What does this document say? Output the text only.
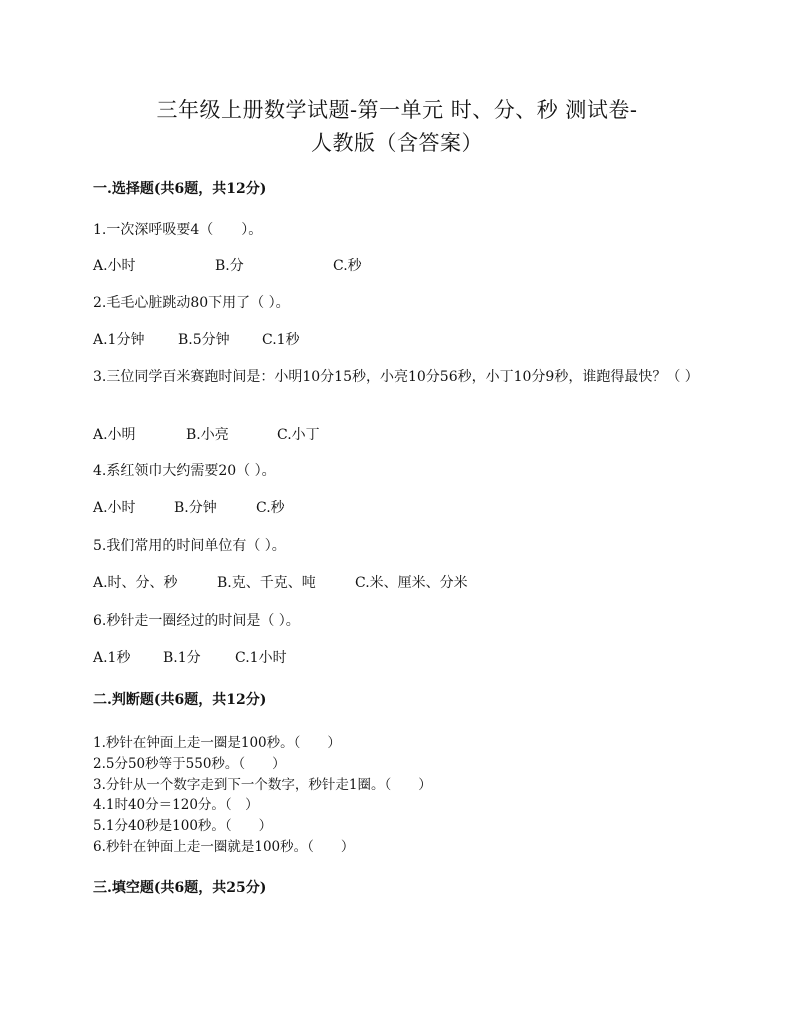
三年级上册数学试题-第一单元 时、分、秒 测试卷-
人教版（含答案）
一.选择题(共6题，共12分)
1.一次深呼吸要4（　　）。
A.小时	B.分	C.秒
2.毛毛心脏跳动80下用了（ ）。
A.1分钟 B.5分钟 C.1秒
3.三位同学百米赛跑时间是：小明10分15秒，小亮10分56秒，小丁10分9秒，谁跑得最快？（ ）
A.小明	B.小亮	C.小丁
4.系红领巾大约需要20（ ）。
A.小时	B.分钟	C.秒
5.我们常用的时间单位有（ ）。
A.时、分、秒	B.克、千克、吨	C.米、厘米、分米
6.秒针走一圈经过的时间是（ ）。
A.1秒 B.1分 C.1小时
二.判断题(共6题，共12分)
1.秒针在钟面上走一圈是100秒。（　　）
2.5分50秒等于550秒。（　　）
3.分针从一个数字走到下一个数字，秒针走1圈。（　　）
4.1时40分＝120分。（　）
5.1分40秒是100秒。（　　）
6.秒针在钟面上走一圈就是100秒。（　　）
三.填空题(共6题，共25分)
